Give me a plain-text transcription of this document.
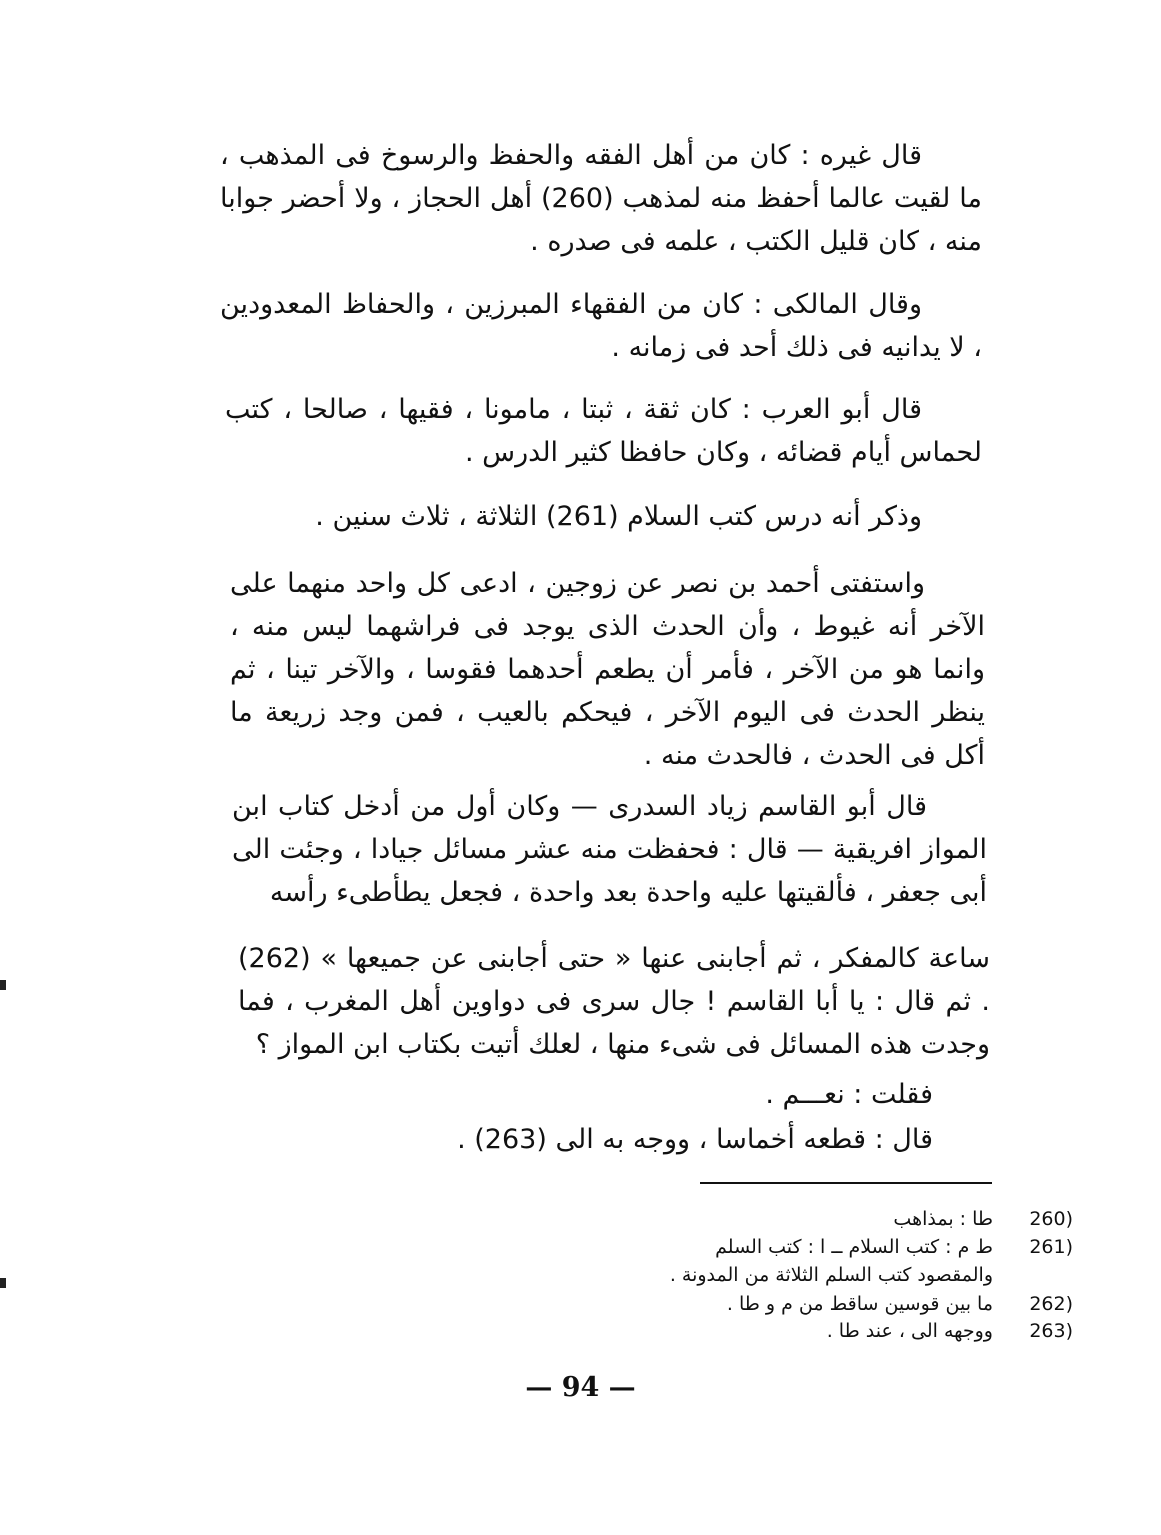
قال غيره : كان من أهل الفقه والحفظ والرسوخ فى المذهب ، ما لقيت عالما أحفظ منه لمذهب (260) أهل الحجاز ، ولا أحضر جوابا منه ، كان قليل الكتب ، علمه فى صدره .

وقال المالكى : كان من الفقهاء المبرزين ، والحفاظ المعدودين ، لا يدانيه فى ذلك أحد فى زمانه .

قال أبو العرب : كان ثقة ، ثبتا ، مامونا ، فقيها ، صالحا ، كتب لحماس أيام قضائه ، وكان حافظا كثير الدرس .

وذكر أنه درس كتب السلام (261) الثلاثة ، ثلاث سنين .

واستفتى أحمد بن نصر عن زوجين ، ادعى كل واحد منهما على الآخر أنه غيوط ، وأن الحدث الذى يوجد فى فراشهما ليس منه ، وانما هو من الآخر ، فأمر أن يطعم أحدهما فقوسا ، والآخر تينا ، ثم ينظر الحدث فى اليوم الآخر ، فيحكم بالعيب ، فمن وجد زريعة ما أكل فى الحدث ، فالحدث منه .

قال أبو القاسم زياد السدرى — وكان أول من أدخل كتاب ابن المواز افريقية — قال : فحفظت منه عشر مسائل جيادا ، وجئت الى أبى جعفر ، فألقيتها عليه واحدة بعد واحدة ، فجعل يطأطىء رأسه

ساعة كالمفكر ، ثم أجابنى عنها « حتى أجابنى عن جميعها » (262) . ثم قال : يا أبا القاسم ! جال سرى فى دواوين أهل المغرب ، فما وجدت هذه المسائل فى شىء منها ، لعلك أتيت بكتاب ابن المواز ؟

فقلت : نعـــم .
قال : قطعه أخماسا ، ووجه به الى (263) .
طا : بمذاهب 260)
ط م : كتب السلام ــ ا : كتب السلم 261)
والمقصود كتب السلم الثلاثة من المدونة .
ما بين قوسين ساقط من م و طا . 262)
ووجهه الى ، عند طا . 263)
— 94 —
